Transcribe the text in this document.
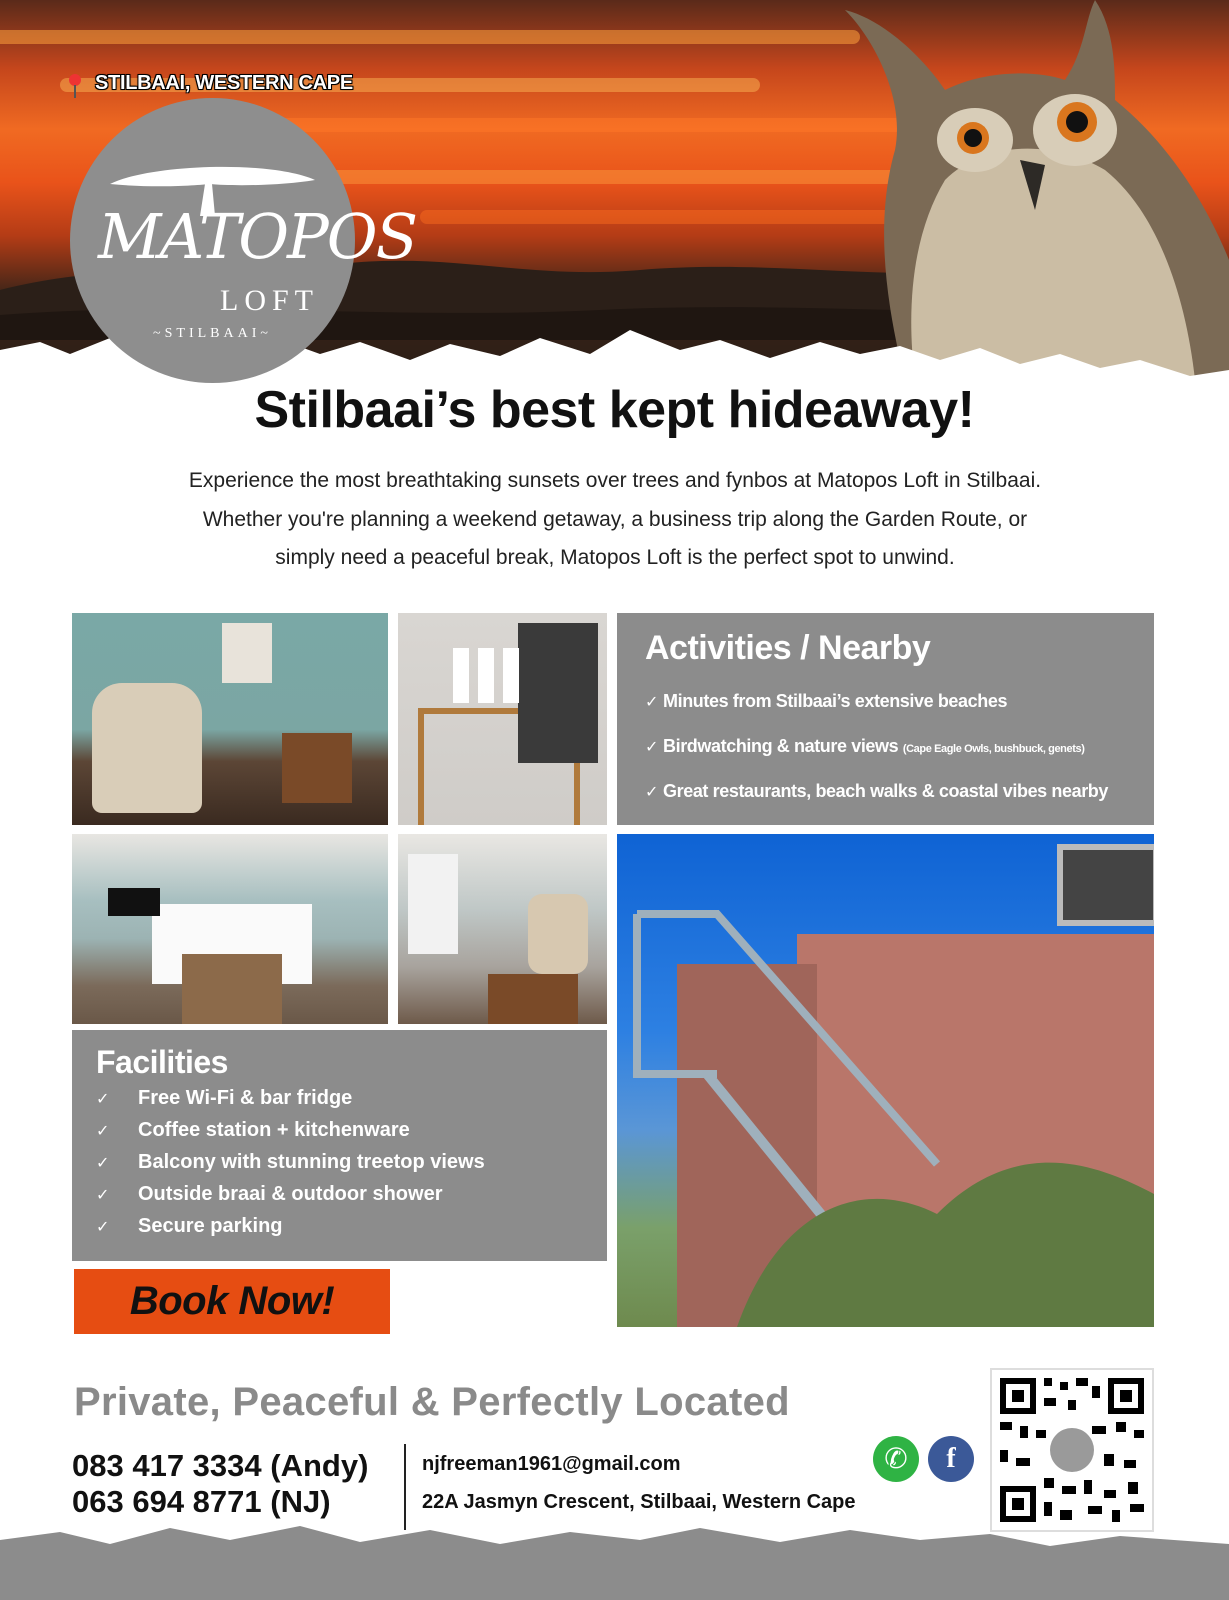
STILBAAI, WESTERN CAPE
MATOPOS
LOFT
~STILBAAI~
Stilbaai’s best kept hideaway!
Experience the most breathtaking sunsets over trees and fynbos at Matopos Loft in Stilbaai.
Whether you're planning a weekend getaway, a business trip along the Garden Route, or
simply need a peaceful break, Matopos Loft is the perfect spot to unwind.
Activities / Nearby
✓ Minutes from Stilbaai’s extensive beaches
✓ Birdwatching & nature views (Cape Eagle Owls, bushbuck, genets)
✓ Great restaurants, beach walks & coastal vibes nearby
Facilities
✓ Free Wi-Fi & bar fridge
✓ Coffee station + kitchenware
✓ Balcony with stunning treetop views
✓ Outside braai & outdoor shower
✓ Secure parking
Book Now!
Private, Peaceful & Perfectly Located
083 417 3334 (Andy)
063 694 8771 (NJ)
njfreeman1961@gmail.com
22A Jasmyn Crescent, Stilbaai, Western Cape
✆	f
